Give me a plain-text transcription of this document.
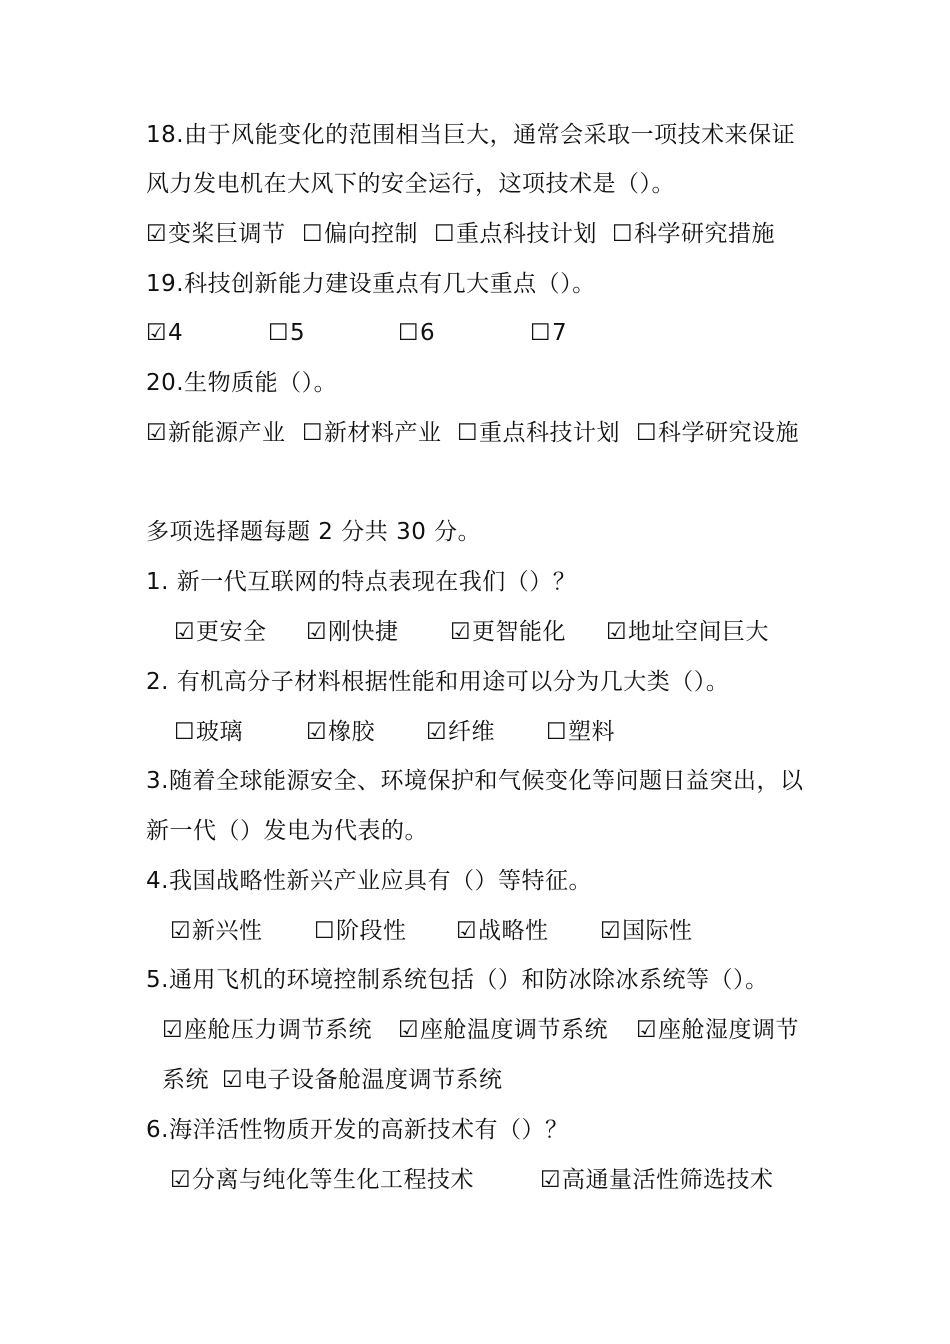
18.由于风能变化的范围相当巨大，通常会采取一项技术来保证
风力发电机在大风下的安全运行，这项技术是（）。
☑变桨巨调节 ☐偏向控制 ☐重点科技计划 ☐科学研究措施
19.科技创新能力建设重点有几大重点（）。
☑4	☐5	☐6	☐7
20.生物质能（）。
☑新能源产业 ☐新材料产业 ☐重点科技计划 ☐科学研究设施
多项选择题每题 2 分共 30 分。
1. 新一代互联网的特点表现在我们（）？
☑更安全 ☑刚快捷 ☑更智能化 ☑地址空间巨大
2. 有机高分子材料根据性能和用途可以分为几大类（）。
☐玻璃	☑橡胶 ☑纤维 ☐塑料
3.随着全球能源安全、环境保护和气候变化等问题日益突出，以
新一代（）发电为代表的。
4.我国战略性新兴产业应具有（）等特征。
☑新兴性 ☐阶段性 ☑战略性 ☑国际性
5.通用飞机的环境控制系统包括（）和防冰除冰系统等（）。
☑座舱压力调节系统 ☑座舱温度调节系统 ☑座舱湿度调节
系统 ☑电子设备舱温度调节系统
6.海洋活性物质开发的高新技术有（）？
☑分离与纯化等生化工程技术	☑高通量活性筛选技术
